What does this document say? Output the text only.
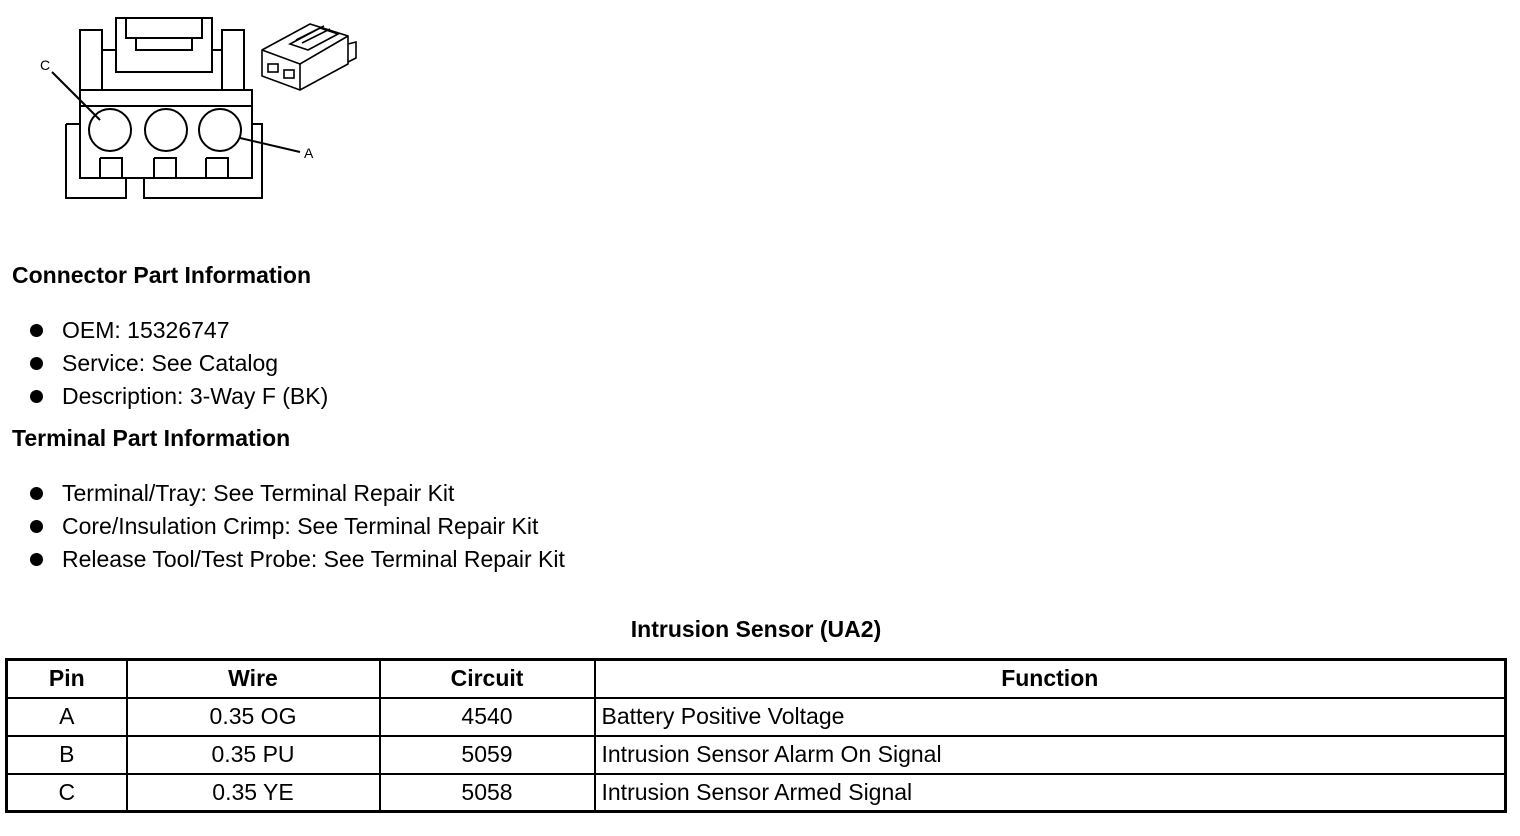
C
A
Connector Part Information
OEM: 15326747
Service: See Catalog
Description: 3-Way F (BK)
Terminal Part Information
Terminal/Tray: See Terminal Repair Kit
Core/Insulation Crimp: See Terminal Repair Kit
Release Tool/Test Probe: See Terminal Repair Kit
Intrusion Sensor (UA2)
Pin	Wire	Circuit	Function
A	0.35 OG	4540	Battery Positive Voltage
B	0.35 PU	5059	Intrusion Sensor Alarm On Signal
C	0.35 YE	5058	Intrusion Sensor Armed Signal
